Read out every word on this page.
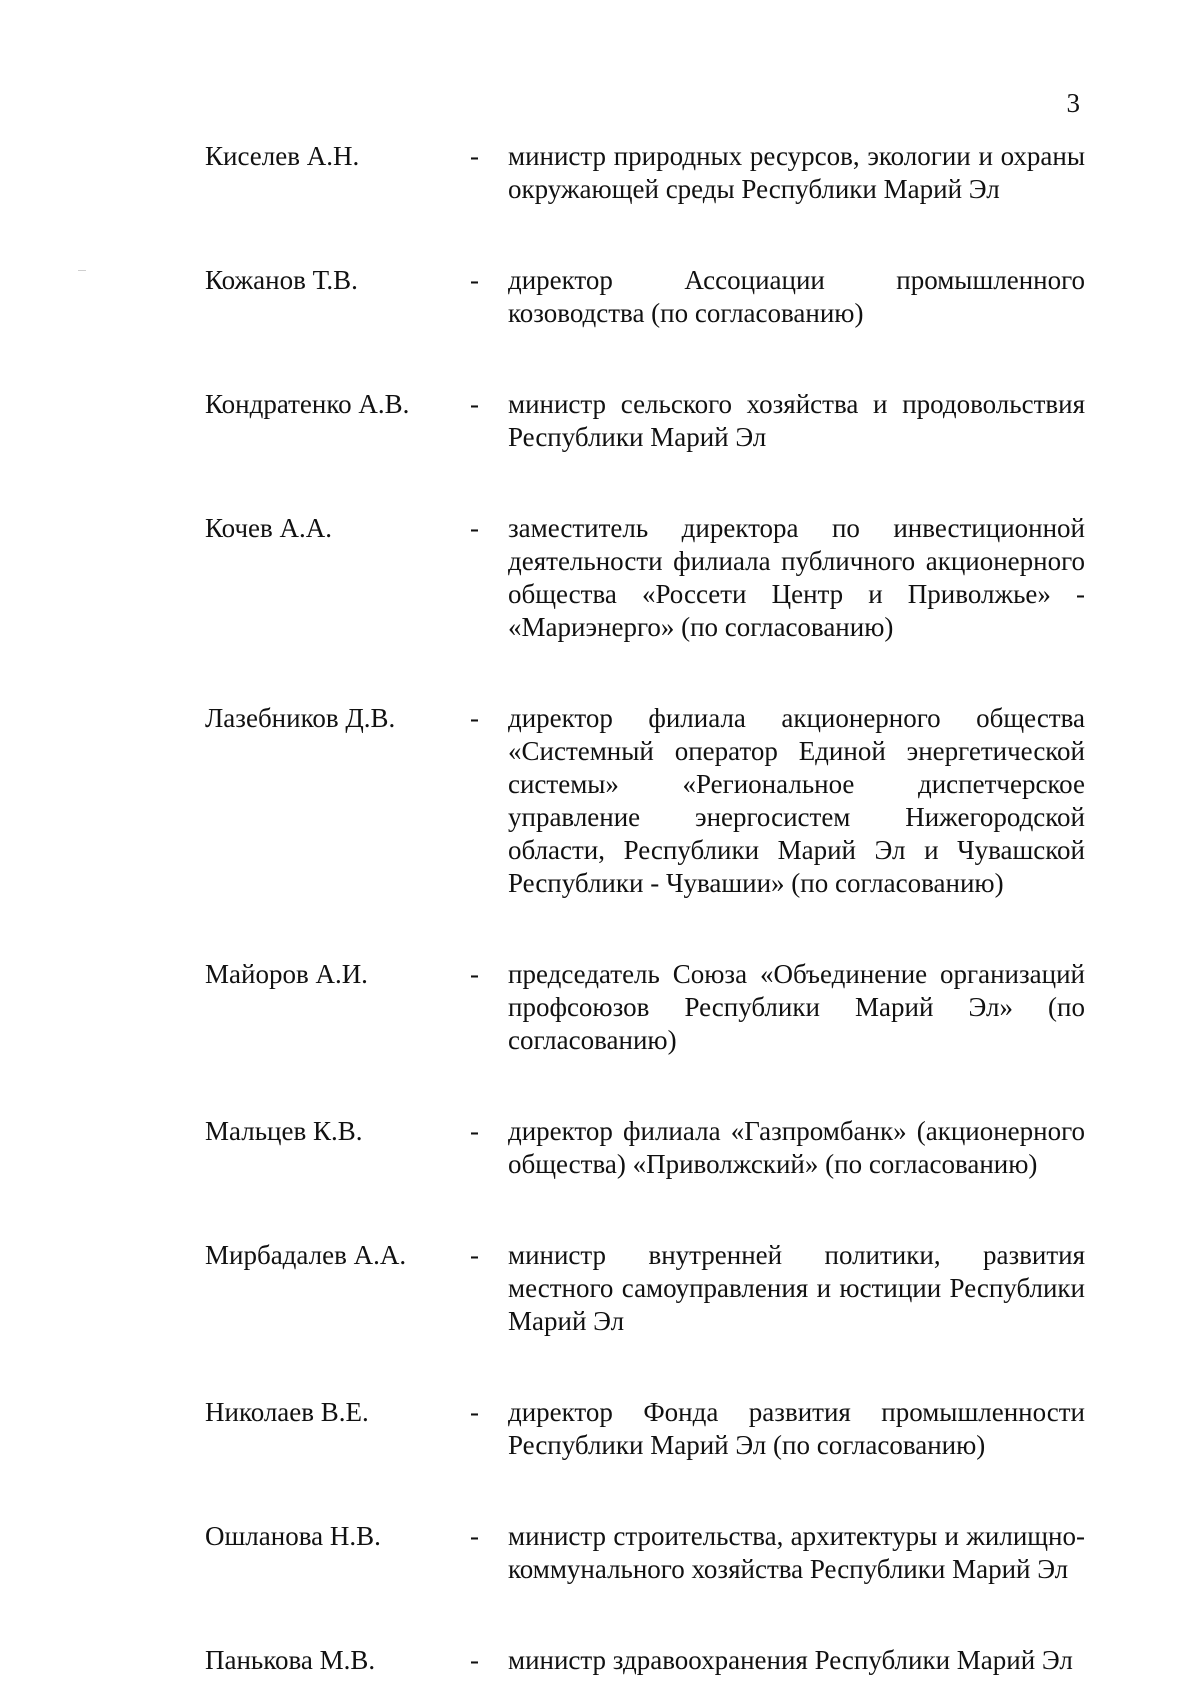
3
Киселев А.Н.	- министр природных ресурсов, экологии и охраны окружающей среды Республики Марий Эл
Кожанов Т.В.	- директор Ассоциации промышленного козоводства (по согласованию)
Кондратенко А.В. - министр сельского хозяйства и продовольствия Республики Марий Эл
Кочев А.А.	- заместитель директора по инвестиционной деятельности филиала публичного акционерного общества «Россети Центр и Приволжье» - «Мариэнерго» (по согласованию)
Лазебников Д.В.	- директор филиала акционерного общества «Системный оператор Единой энергетической системы» «Региональное диспетчерское управление энергосистем Нижегородской области, Республики Марий Эл и Чувашской Республики - Чувашии» (по согласованию)
Майоров А.И.	- председатель Союза «Объединение организаций профсоюзов Республики Марий Эл» (по согласованию)
Мальцев К.В.	- директор филиала «Газпромбанк» (акционерного общества) «Приволжский» (по согласованию)
Мирбадалев А.А. - министр внутренней политики, развития местного самоуправления и юстиции Республики Марий Эл
Николаев В.Е.	- директор Фонда развития промышленности Республики Марий Эл (по согласованию)
Ошланова Н.В.	- министр строительства, архитектуры и жилищно-коммунального хозяйства Республики Марий Эл
Панькова М.В.	- министр здравоохранения Республики Марий Эл
